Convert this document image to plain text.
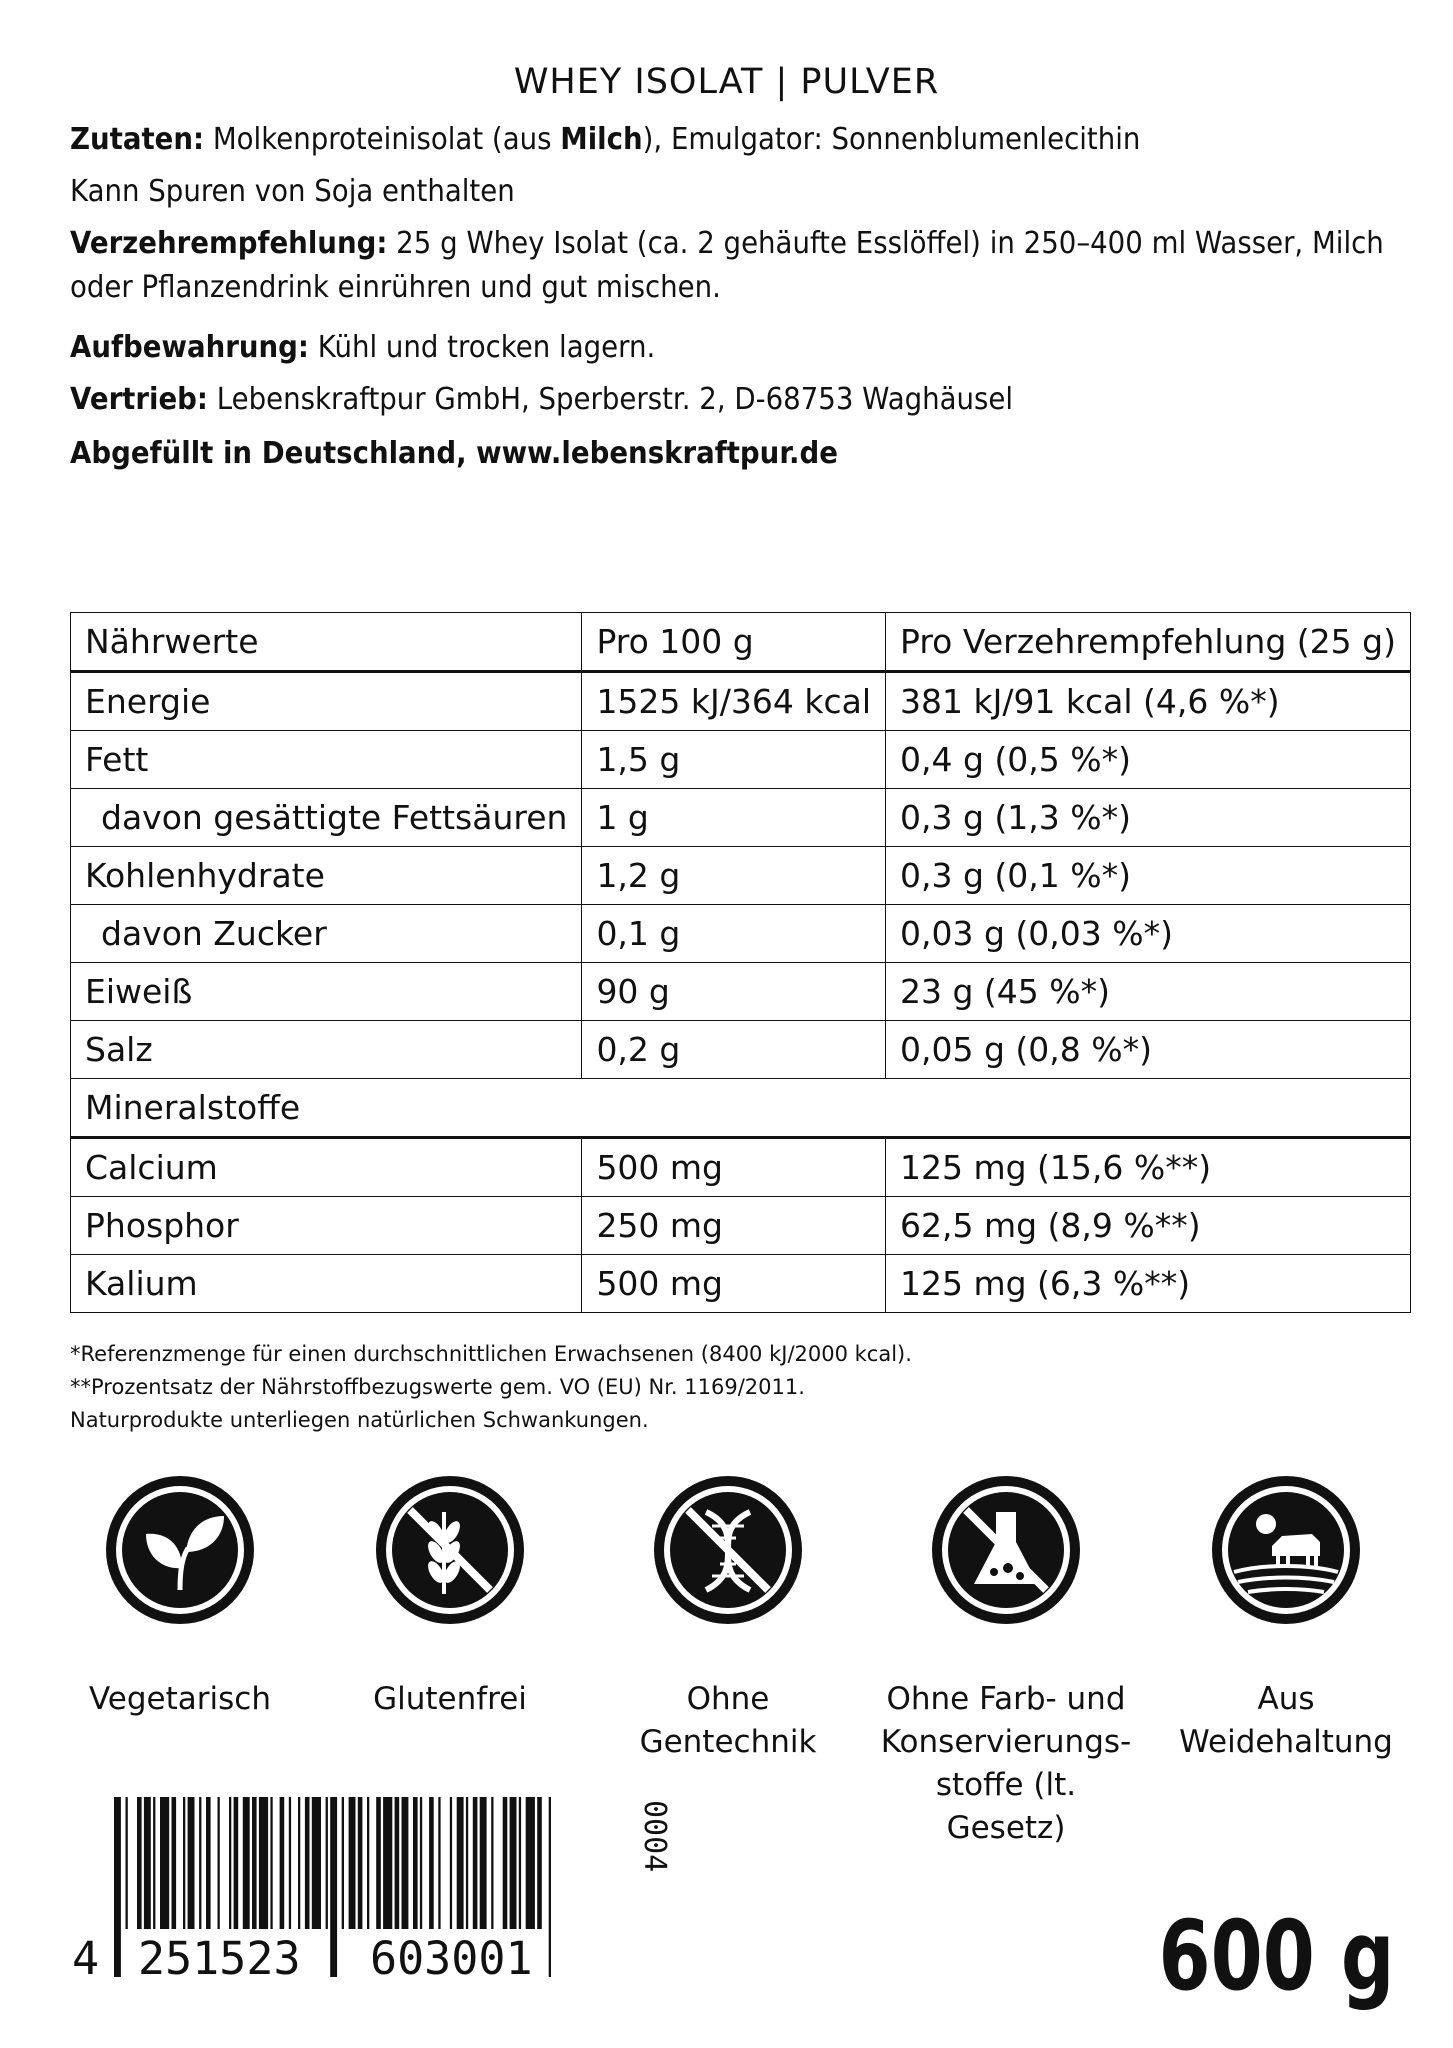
WHEY ISOLAT | PULVER
Zutaten: Molkenproteinisolat (aus Milch), Emulgator: Sonnenblumenlecithin
Kann Spuren von Soja enthalten
Verzehrempfehlung: 25 g Whey Isolat (ca. 2 gehäufte Esslöffel) in 250–400 ml Wasser, Milch oder Pflanzendrink einrühren und gut mischen.
Aufbewahrung: Kühl und trocken lagern.
Vertrieb: Lebenskraftpur GmbH, Sperberstr. 2, D-68753 Waghäusel
Abgefüllt in Deutschland, www.lebenskraftpur.de
Nährwerte	Pro 100 g	Pro Verzehrempfehlung (25 g)
Energie	1525 kJ/364 kcal	381 kJ/91 kcal (4,6 %*)
Fett	1,5 g	0,4 g (0,5 %*)
davon gesättigte Fettsäuren	1 g	0,3 g (1,3 %*)
Kohlenhydrate	1,2 g	0,3 g (0,1 %*)
davon Zucker	0,1 g	0,03 g (0,03 %*)
Eiweiß	90 g	23 g (45 %*)
Salz	0,2 g	0,05 g (0,8 %*)
Mineralstoffe		
Calcium	500 mg	125 mg (15,6 %**)
Phosphor	250 mg	62,5 mg (8,9 %**)
Kalium	500 mg	125 mg (6,3 %**)
*Referenzmenge für einen durchschnittlichen Erwachsenen (8400 kJ/2000 kcal).
**Prozentsatz der Nährstoffbezugswerte gem. VO (EU) Nr. 1169/2011.
Naturprodukte unterliegen natürlichen Schwankungen.
Vegetarisch	Glutenfrei	Ohne
Gentechnik
Ohne Farb- und
Konservierungs-
stoffe (lt. Gesetz)
Aus
Weidehaltung
4 251523 603001
0004
600 g
